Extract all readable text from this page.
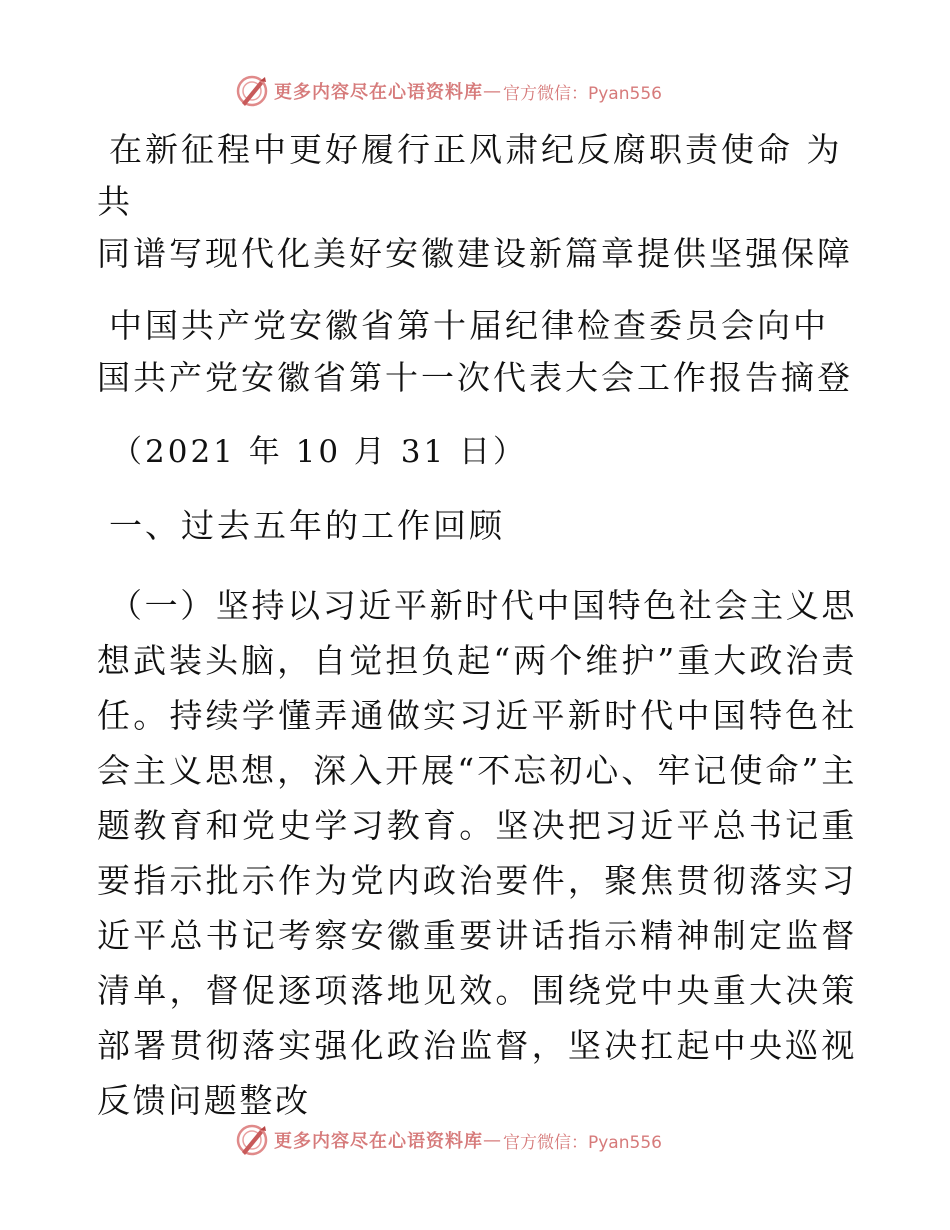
更多内容尽在心语资料库 — 官方微信：Pyan556
在新征程中更好履行正风肃纪反腐职责使命 为共
同谱写现代化美好安徽建设新篇章提供坚强保障
中国共产党安徽省第十届纪律检查委员会向中国共产党安徽省第十一次代表大会工作报告摘登

（2021 年 10 月 31 日）

一、过去五年的工作回顾

（一）坚持以习近平新时代中国特色社会主义思想武装头脑，自觉担负起“两个维护”重大政治责任。持续学懂弄通做实习近平新时代中国特色社会主义思想，深入开展“不忘初心、牢记使命”主题教育和党史学习教育。坚决把习近平总书记重要指示批示作为党内政治要件，聚焦贯彻落实习近平总书记考察安徽重要讲话指示精神制定监督清单，督促逐项落地见效。围绕党中央重大决策部署贯彻落实强化政治监督，坚决扛起中央巡视反馈问题整改

更多内容尽在心语资料库 — 官方微信：Pyan556
